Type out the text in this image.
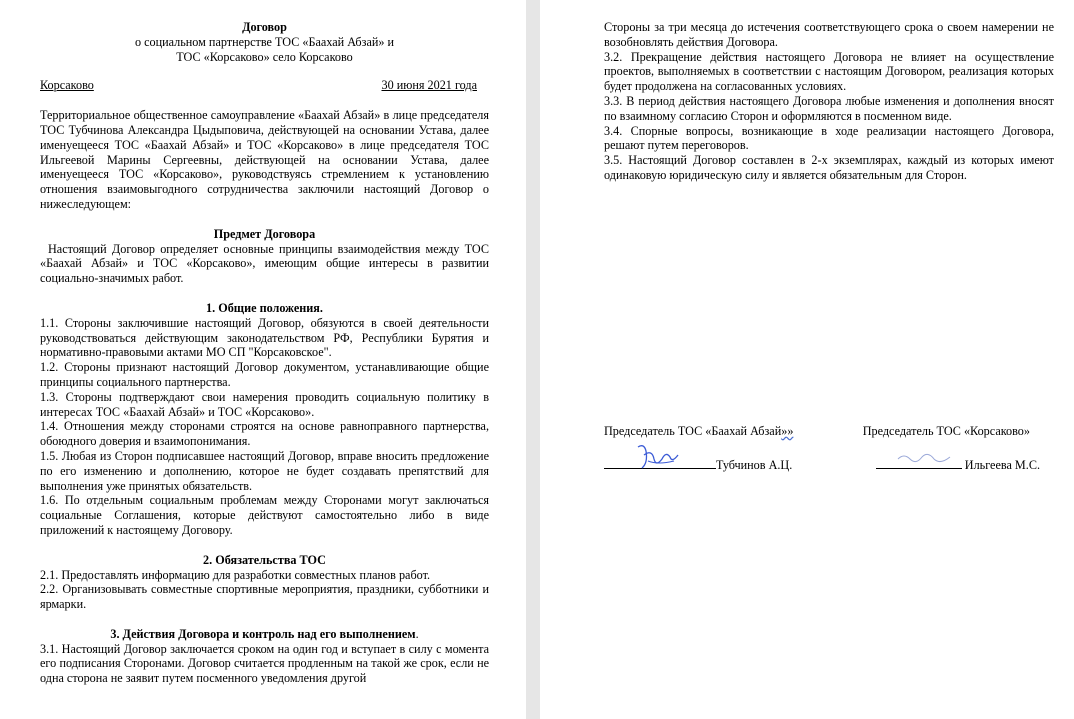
Договор
о социальном партнерстве ТОС «Баахай Абзай» и
ТОС «Корсаково» село Корсаково
Корсаково	30 июня 2021 года
Территориальное общественное самоуправление «Баахай Абзай» в лице председателя ТОС Тубчинова Александра Цыдыповича, действующей на основании Устава, далее именуещееся ТОС «Баахай Абзай» и ТОС «Корсаково» в лице председателя ТОС Ильгеевой Марины Сергеевны, действующей на основании Устава, далее именуещееся ТОС «Корсаково», руководствуясь стремлением к установлению отношения взаимовыгодного сотрудничества заключили настоящий Договор о нижеследующем:
Предмет Договора
Настоящий Договор определяет основные принципы взаимодействия между ТОС «Баахай Абзай» и ТОС «Корсаково», имеющим общие интересы в развитии социально-значимых работ.
1. Общие положения.
1.1. Стороны заключившие настоящий Договор, обязуются в своей деятельности руководствоваться действующим законодательством РФ, Республики Бурятия и нормативно-правовыми актами МО СП "Корсаковское".
1.2. Стороны признают настоящий Договор документом, устанавливающие общие принципы социального партнерства.
1.3. Стороны подтверждают свои намерения проводить социальную политику в интересах ТОС «Баахай Абзай» и ТОС «Корсаково».
1.4. Отношения между сторонами строятся на основе равноправного партнерства, обоюдного доверия и взаимопонимания.
1.5. Любая из Сторон подписавшее настоящий Договор, вправе вносить предложение по его изменению и дополнению, которое не будет создавать препятствий для выполнения уже принятых обязательств.
1.6. По отдельным социальным проблемам между Сторонами могут заключаться социальные Соглашения, которые действуют самостоятельно либо в виде приложений к настоящему Договору.
2. Обязательства ТОС
2.1. Предоставлять информацию для разработки совместных планов работ.
2.2. Организовывать совместные спортивные мероприятия, праздники, субботники и ярмарки.
3. Действия Договора и контроль над его выполнением.
3.1. Настоящий Договор заключается сроком на один год и вступает в силу с момента его подписания Сторонами. Договор считается продленным на такой же срок, если не одна сторона не заявит путем посменного уведомления другой
Стороны за три месяца до истечения соответствующего срока о своем намерении не возобновлять действия Договора.
3.2. Прекращение действия настоящего Договора не влияет на осуществление проектов, выполняемых в соответствии с настоящим Договором, реализация которых будет продолжена на согласованных условиях.
3.3. В период действия настоящего Договора любые изменения и дополнения вносят по взаимному согласию Сторон и оформляются в посменном виде.
3.4. Спорные вопросы, возникающие в ходе реализации настоящего Договора, решают путем переговоров.
3.5. Настоящий Договор составлен в 2-х экземплярах, каждый из которых имеют одинаковую юридическую силу и является обязательным для Сторон.
Председатель ТОС «Баахай Абзай»»	Председатель ТОС «Корсаково»
Тубчинов А.Ц.	Ильгеева М.С.
